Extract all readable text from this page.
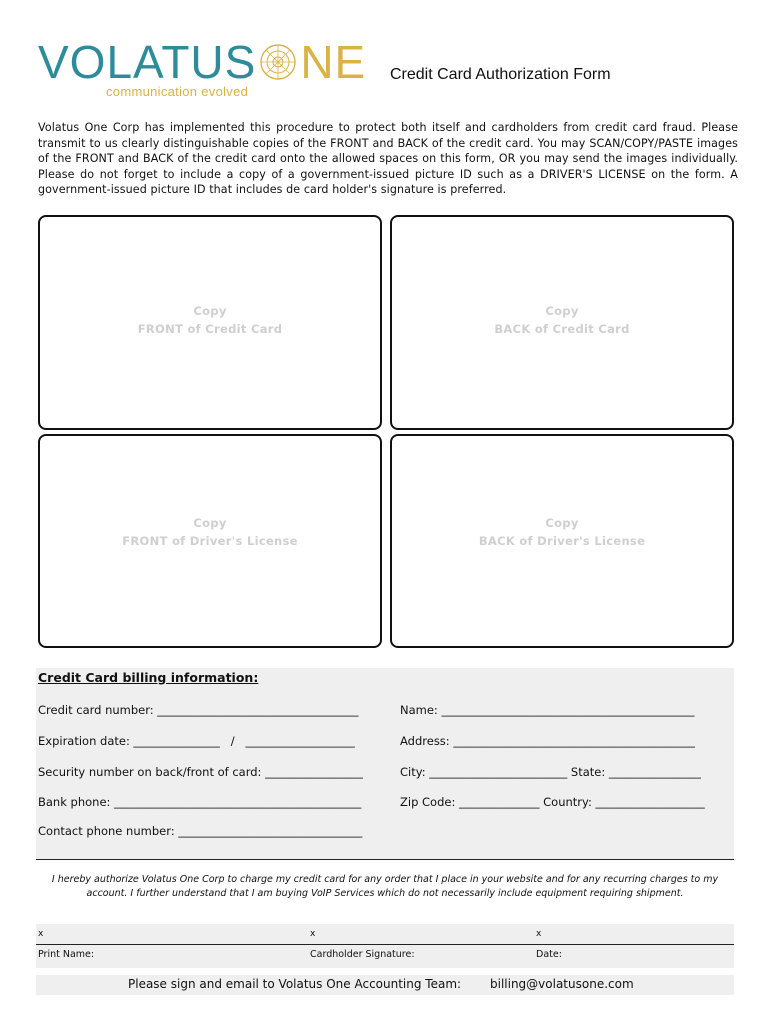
VOLATUS NE
communication evolved
Credit Card Authorization Form

Volatus One Corp has implemented this procedure to protect both itself and cardholders from credit card fraud. Please transmit to us clearly distinguishable copies of the FRONT and BACK of the credit card. You may SCAN/COPY/PASTE images of the FRONT and BACK of the credit card onto the allowed spaces on this form, OR you may send the images individually. Please do not forget to include a copy of a government-issued picture ID such as a DRIVER'S LICENSE on the form. A government-issued picture ID that includes de card holder's signature is preferred.

Copy
FRONT of Credit Card
Copy
BACK of Credit Card
Copy
FRONT of Driver's License
Copy
BACK of Driver's License
Credit Card billing information:
Credit card number: ___________________________________	Name: ____________________________________________
Expiration date: _______________   /   ___________________	Address: __________________________________________
Security number on back/front of card: _________________	City: ________________________ State: ________________
Bank phone: ___________________________________________	Zip Code: ______________ Country: ___________________
Contact phone number: ________________________________

I hereby authorize Volatus One Corp to charge my credit card for any order that I place in your website and for any recurring charges to my account. I further understand that I am buying VoIP Services which do not necessarily include equipment requiring shipment.

x	x	x
Print Name:	Cardholder Signature:	Date:
Please sign and email to Volatus One Accounting Team: billing@volatusone.com
